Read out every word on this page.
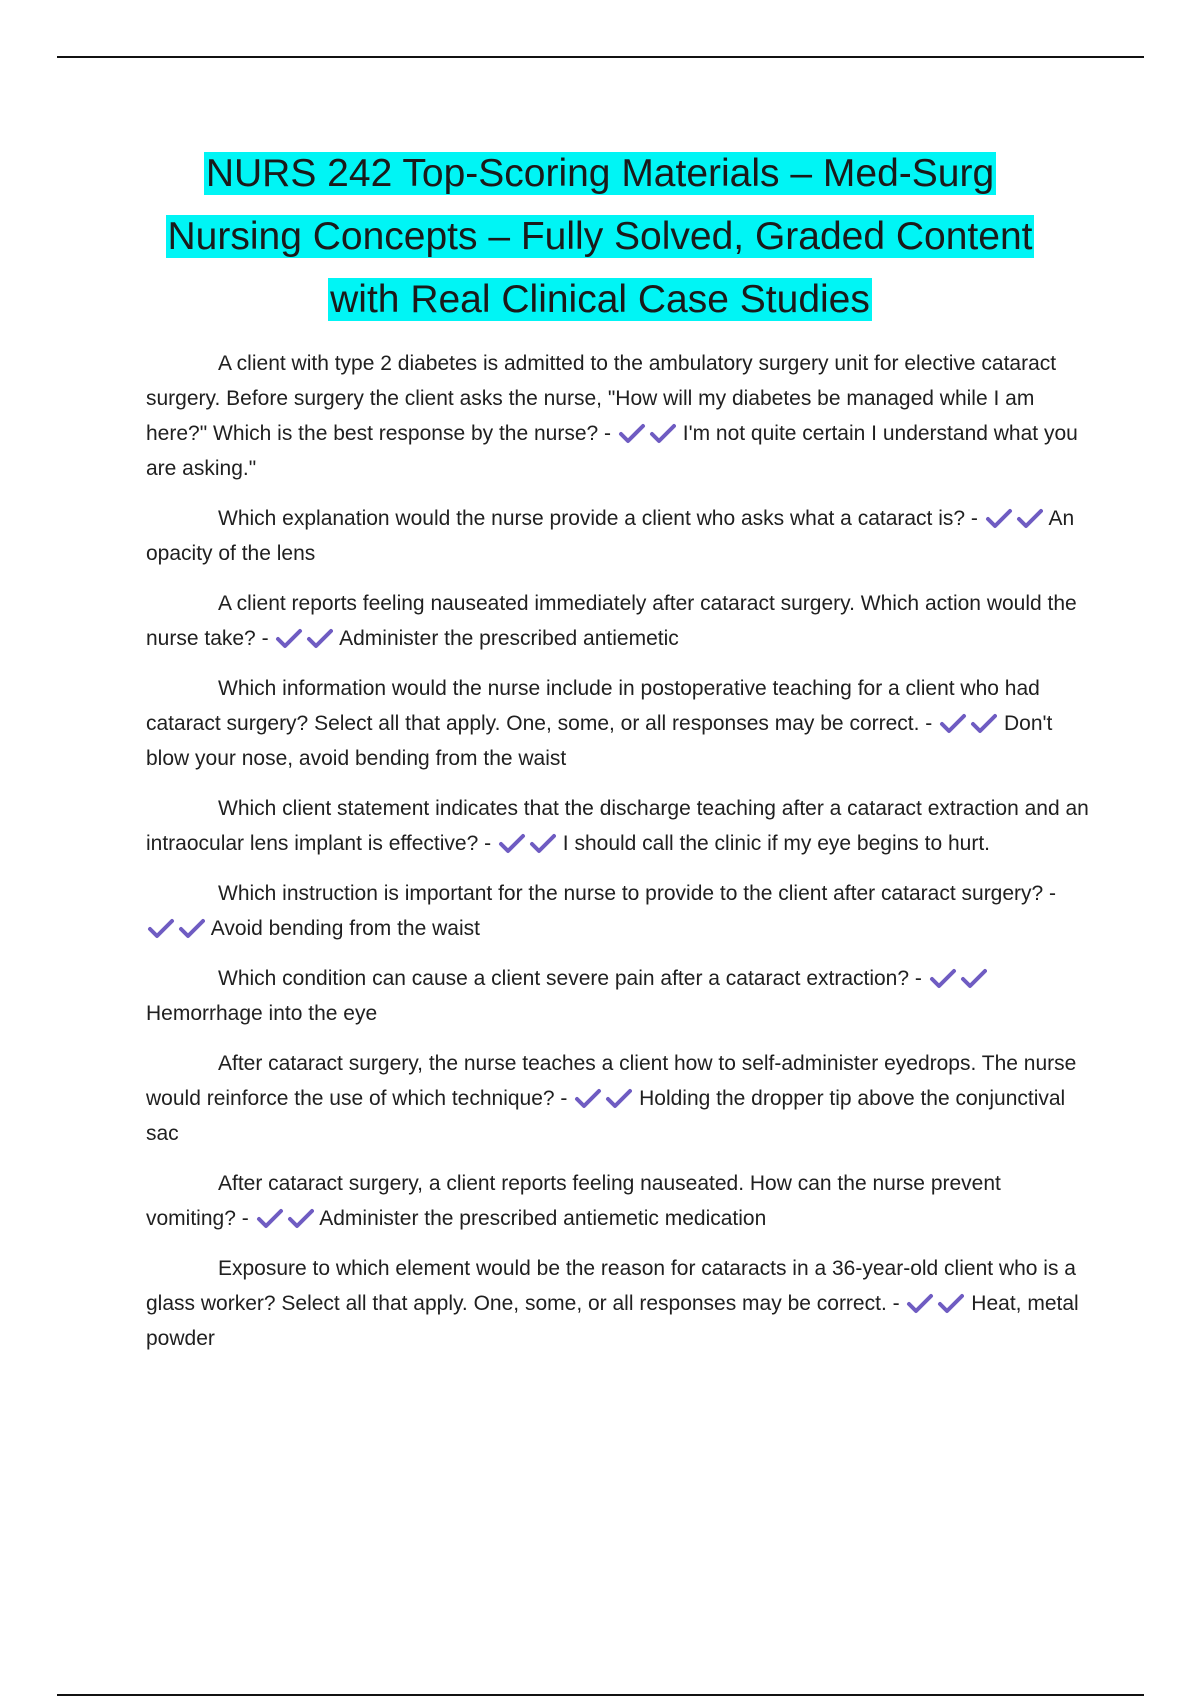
NURS 242 Top-Scoring Materials – Med-Surg
Nursing Concepts – Fully Solved, Graded Content
with Real Clinical Case Studies

A client with type 2 diabetes is admitted to the ambulatory surgery unit for elective cataract surgery. Before surgery the client asks the nurse, "How will my diabetes be managed while I am here?" Which is the best response by the nurse? -	I'm not quite certain I understand what you are asking."

Which explanation would the nurse provide a client who asks what a cataract is? -	An opacity of the lens

A client reports feeling nauseated immediately after cataract surgery. Which action would the nurse take? -	Administer the prescribed antiemetic

Which information would the nurse include in postoperative teaching for a client who had cataract surgery? Select all that apply. One, some, or all responses may be correct. -	Don't blow your nose, avoid bending from the waist

Which client statement indicates that the discharge teaching after a cataract extraction and an intraocular lens implant is effective? -	I should call the clinic if my eye begins to hurt.

Which instruction is important for the nurse to provide to the client after cataract surgery? -
Avoid bending from the waist

Which condition can cause a client severe pain after a cataract extraction? -
Hemorrhage into the eye

After cataract surgery, the nurse teaches a client how to self-administer eyedrops. The nurse would reinforce the use of which technique? -	Holding the dropper tip above the conjunctival sac

After cataract surgery, a client reports feeling nauseated. How can the nurse prevent vomiting? -	Administer the prescribed antiemetic medication

Exposure to which element would be the reason for cataracts in a 36-year-old client who is a glass worker? Select all that apply. One, some, or all responses may be correct. -	Heat, metal powder
